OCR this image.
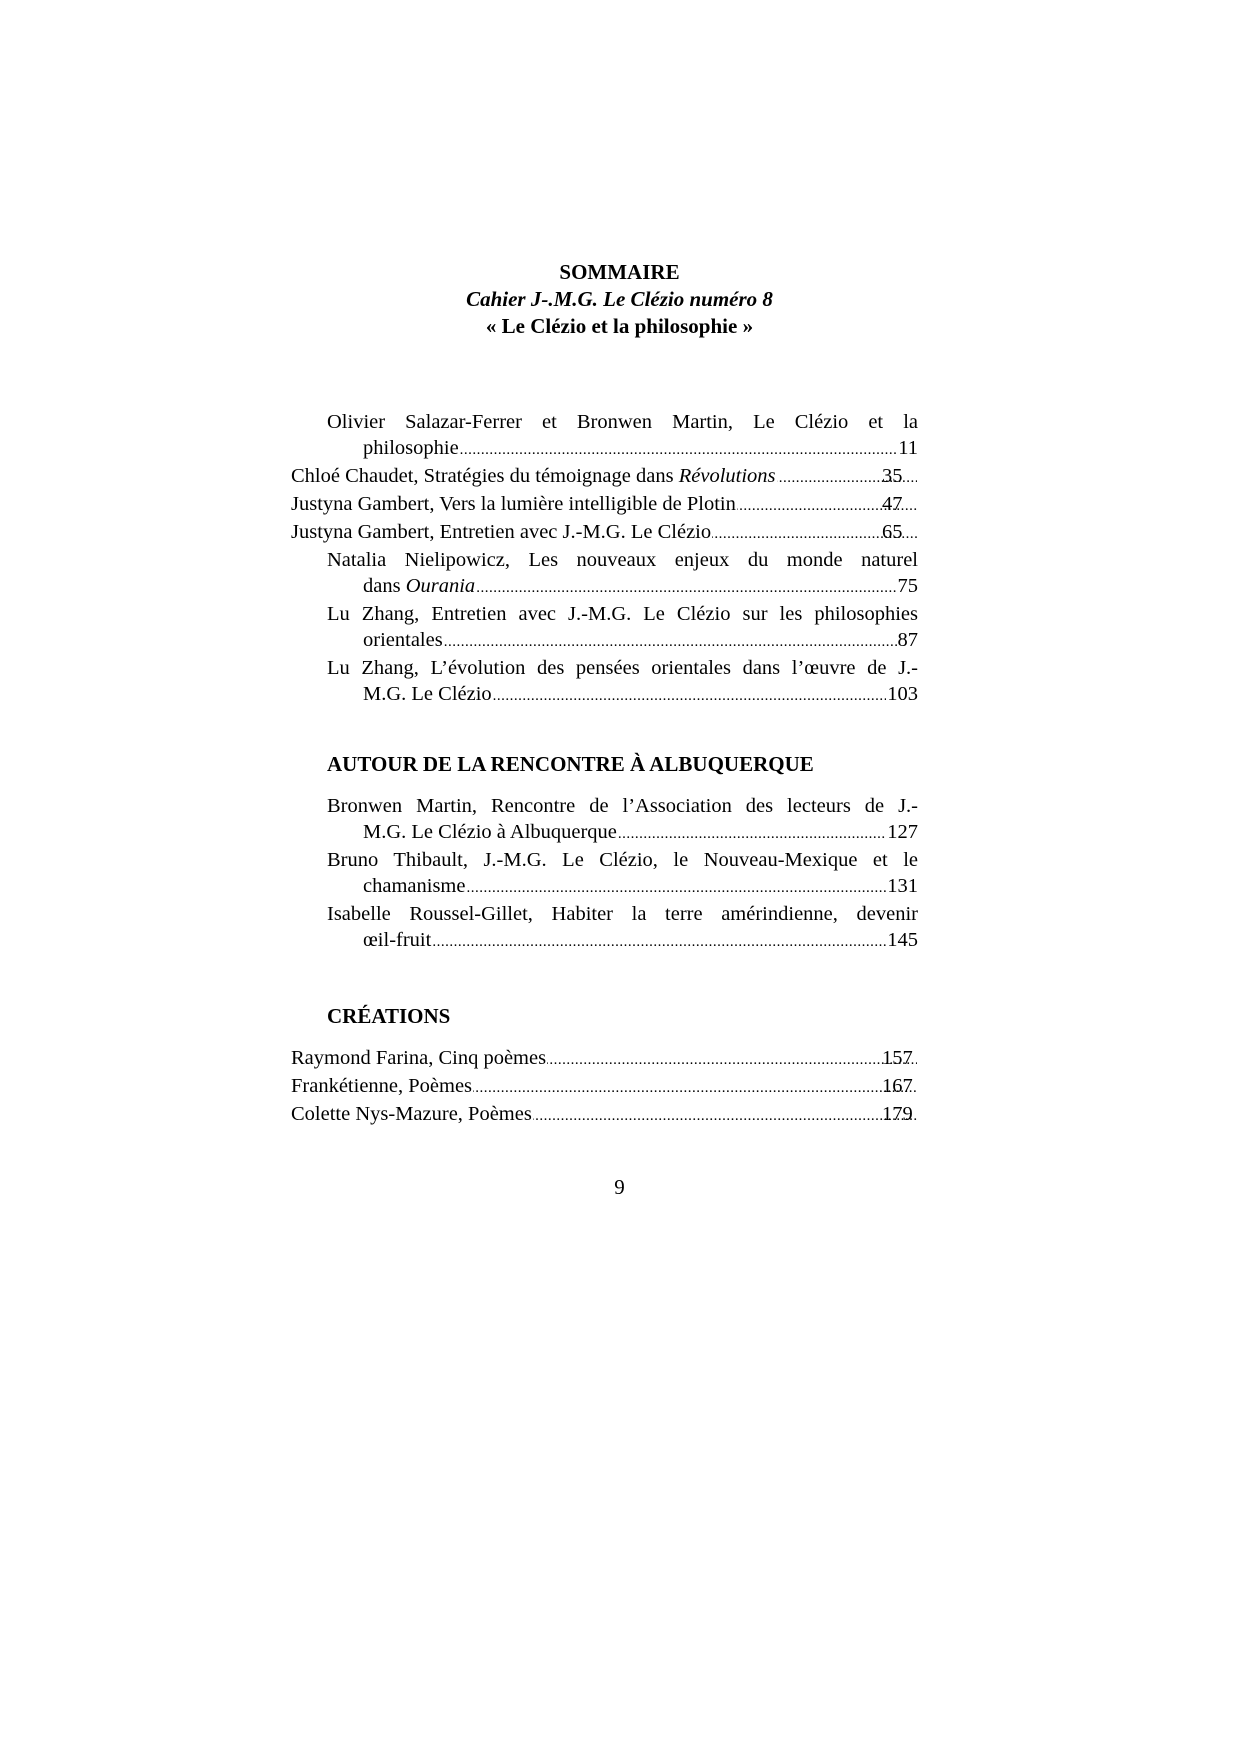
SOMMAIRE
Cahier J-.M.G. Le Clézio numéro 8
« Le Clézio et la philosophie »
Olivier Salazar-Ferrer et Bronwen Martin, Le Clézio et la
philosophie .....	11
Chloé Chaudet, Stratégies du témoignage dans Révolutions .....	35
Justyna Gambert, Vers la lumière intelligible de Plotin .....	47
Justyna Gambert, Entretien avec J.-M.G. Le Clézio .....	65
Natalia Nielipowicz, Les nouveaux enjeux du monde naturel
dans Ourania .....	75
Lu Zhang, Entretien avec J.-M.G. Le Clézio sur les philosophies
orientales .....	87
Lu Zhang, L’évolution des pensées orientales dans l’œuvre de J.-
M.G. Le Clézio .....	103
AUTOUR DE LA RENCONTRE À ALBUQUERQUE
Bronwen Martin, Rencontre de l’Association des lecteurs de J.-
M.G. Le Clézio à Albuquerque .....	127
Bruno Thibault, J.-M.G. Le Clézio, le Nouveau-Mexique et le
chamanisme .....	131
Isabelle Roussel-Gillet, Habiter la terre amérindienne, devenir
œil-fruit .....	145
CRÉATIONS
Raymond Farina, Cinq poèmes .....	157
Frankétienne, Poèmes .....	167
Colette Nys-Mazure, Poèmes .....	179
9
